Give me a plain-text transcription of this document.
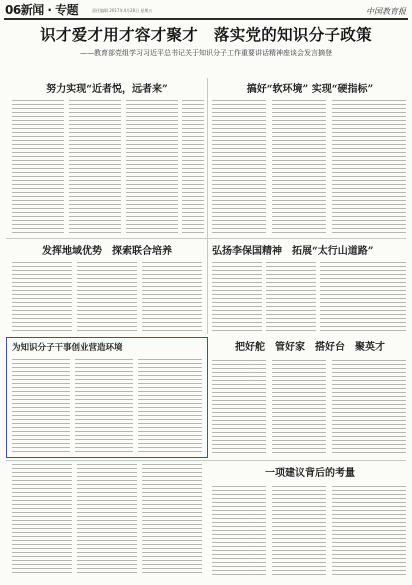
06新闻 · 专题	责任编辑 2017年4月28日 星期五	中国教育报
识才爱才用才容才聚才　落实党的知识分子政策
——教育部党组学习习近平总书记关于知识分子工作重要讲话精神座谈会发言摘登
努力实现“近者悦，远者来”	搞好“软环境” 实现“硬指标”
发挥地域优势　探索联合培养	弘扬李保国精神　拓展“太行山道路”
为知识分子干事创业营造环境	把好舵　管好家　搭好台　聚英才
一项建议背后的考量
